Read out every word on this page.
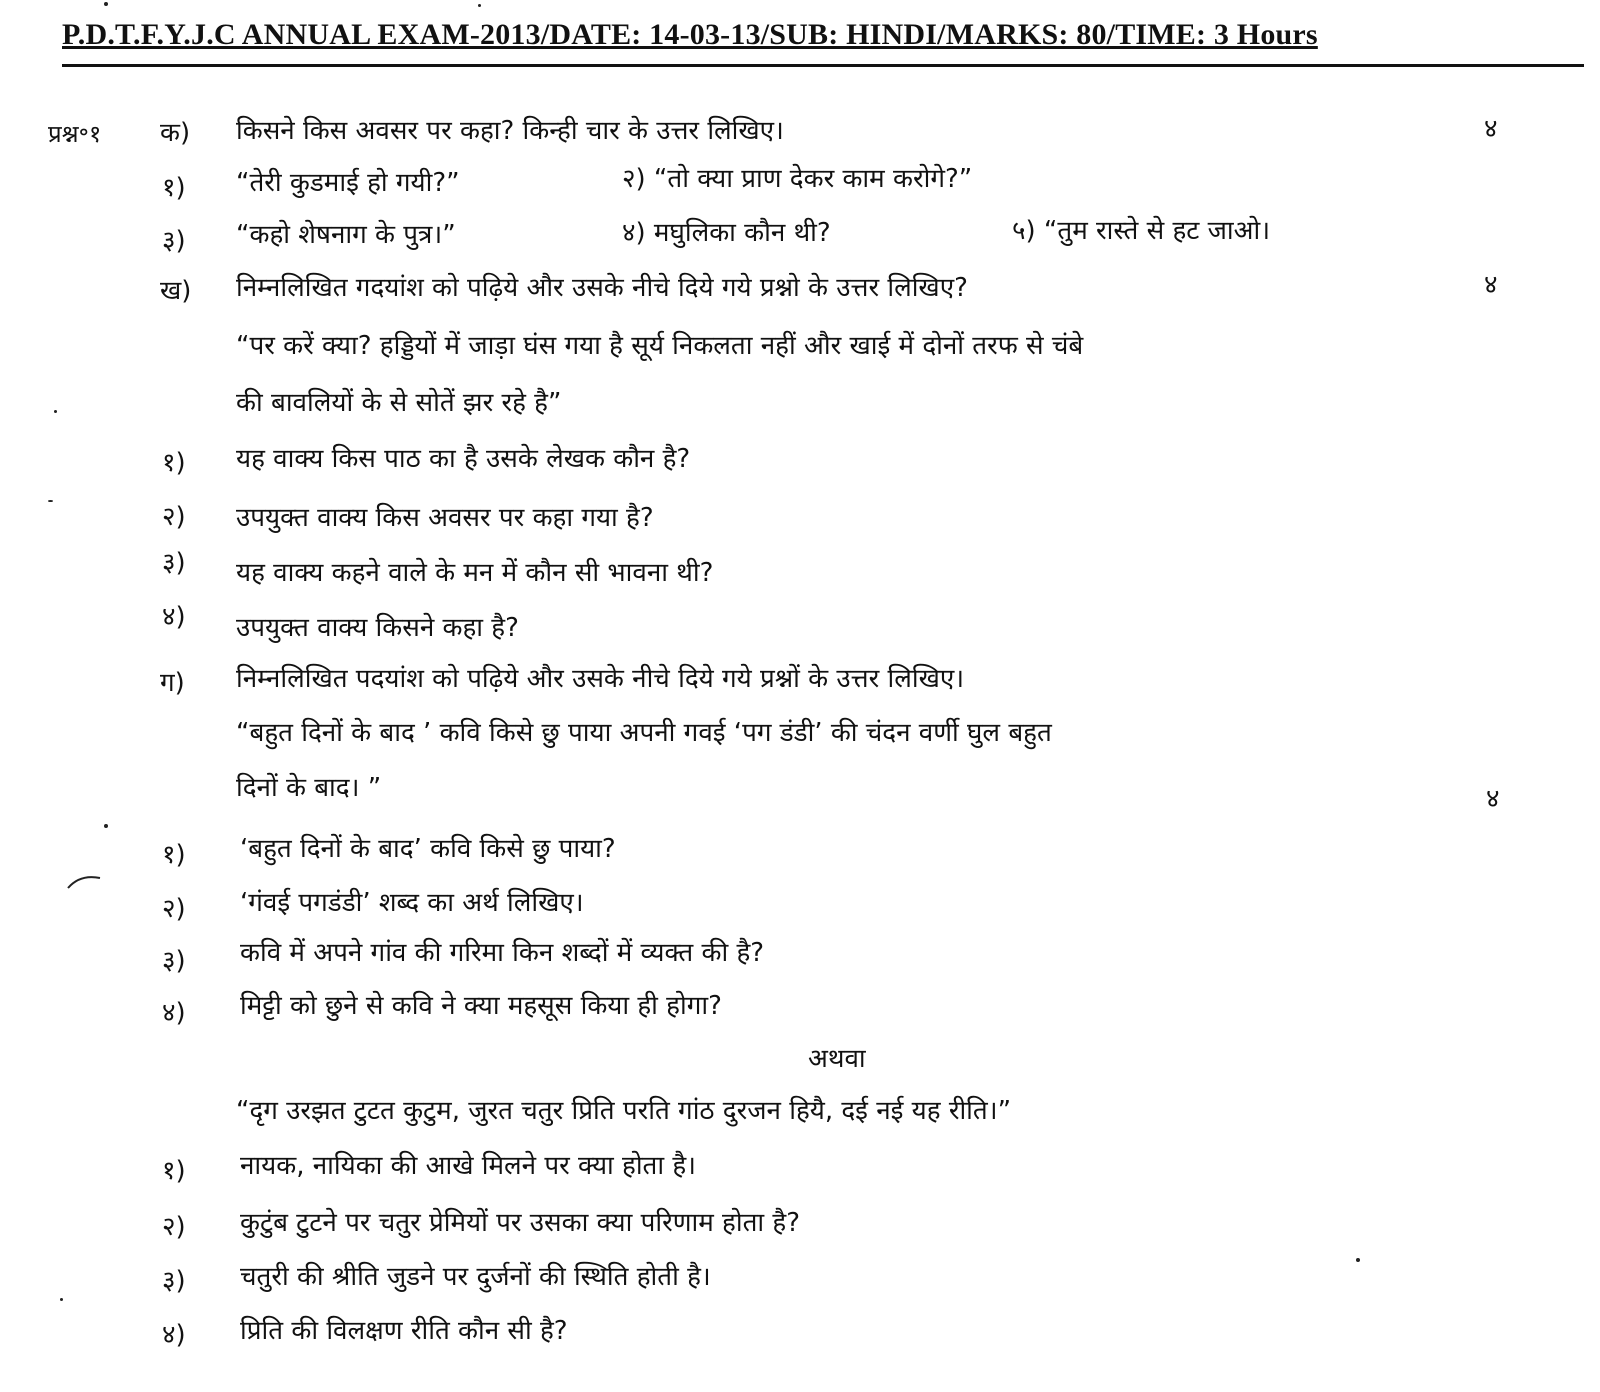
P.D.T.F.Y.J.C ANNUAL EXAM-2013/DATE: 14-03-13/SUB: HINDI/MARKS: 80/TIME: 3 Hours
प्रश्न॰१ क) किसने किस अवसर पर कहा? किन्ही चार के उत्तर लिखिए।	४
१) “तेरी कुडमाई हो गयी?”	२) “तो क्या प्राण देकर काम करोगे?”
३) “कहो शेषनाग के पुत्र।”	४) मघुलिका कौन थी?	५) “तुम रास्ते से हट जाओ।
ख) निम्नलिखित गदयांश को पढ़िये और उसके नीचे दिये गये प्रश्नो के उत्तर लिखिए?	४
“पर करें क्या? हड्डियों में जाड़ा घंस गया है सूर्य निकलता नहीं और खाई में दोनों तरफ से चंबे
की बावलियों के से सोतें झर रहे है”
१) यह वाक्य किस पाठ का है उसके लेखक कौन है?
२) उपयुक्त वाक्य किस अवसर पर कहा गया है?
३) यह वाक्य कहने वाले के मन में कौन सी भावना थी?
४) उपयुक्त वाक्य किसने कहा है?
ग) निम्नलिखित पदयांश को पढ़िये और उसके नीचे दिये गये प्रश्नों के उत्तर लिखिए।
“बहुत दिनों के बाद ’ कवि किसे छु पाया अपनी गवई ‘पग डंडी’ की चंदन वर्णी घुल बहुत
दिनों के बाद। ”	४
१) ‘बहुत दिनों के बाद’ कवि किसे छु पाया?
२) ‘गंवई पगडंडी’ शब्द का अर्थ लिखिए।
३) कवि में अपने गांव की गरिमा किन शब्दों में व्यक्त की है?
४) मिट्टी को छुने से कवि ने क्या महसूस किया ही होगा?
अथवा
“दृग उरझत टुटत कुटुम, जुरत चतुर प्रिति परति गांठ दुरजन हियै, दई नई यह रीति।”
१) नायक, नायिका की आखे मिलने पर क्या होता है।
२) कुटुंब टुटने पर चतुर प्रेमियों पर उसका क्या परिणाम होता है?
३) चतुरी की श्रीति जुडने पर दुर्जनों की स्थिति होती है।
४) प्रिति की विलक्षण रीति कौन सी है?
